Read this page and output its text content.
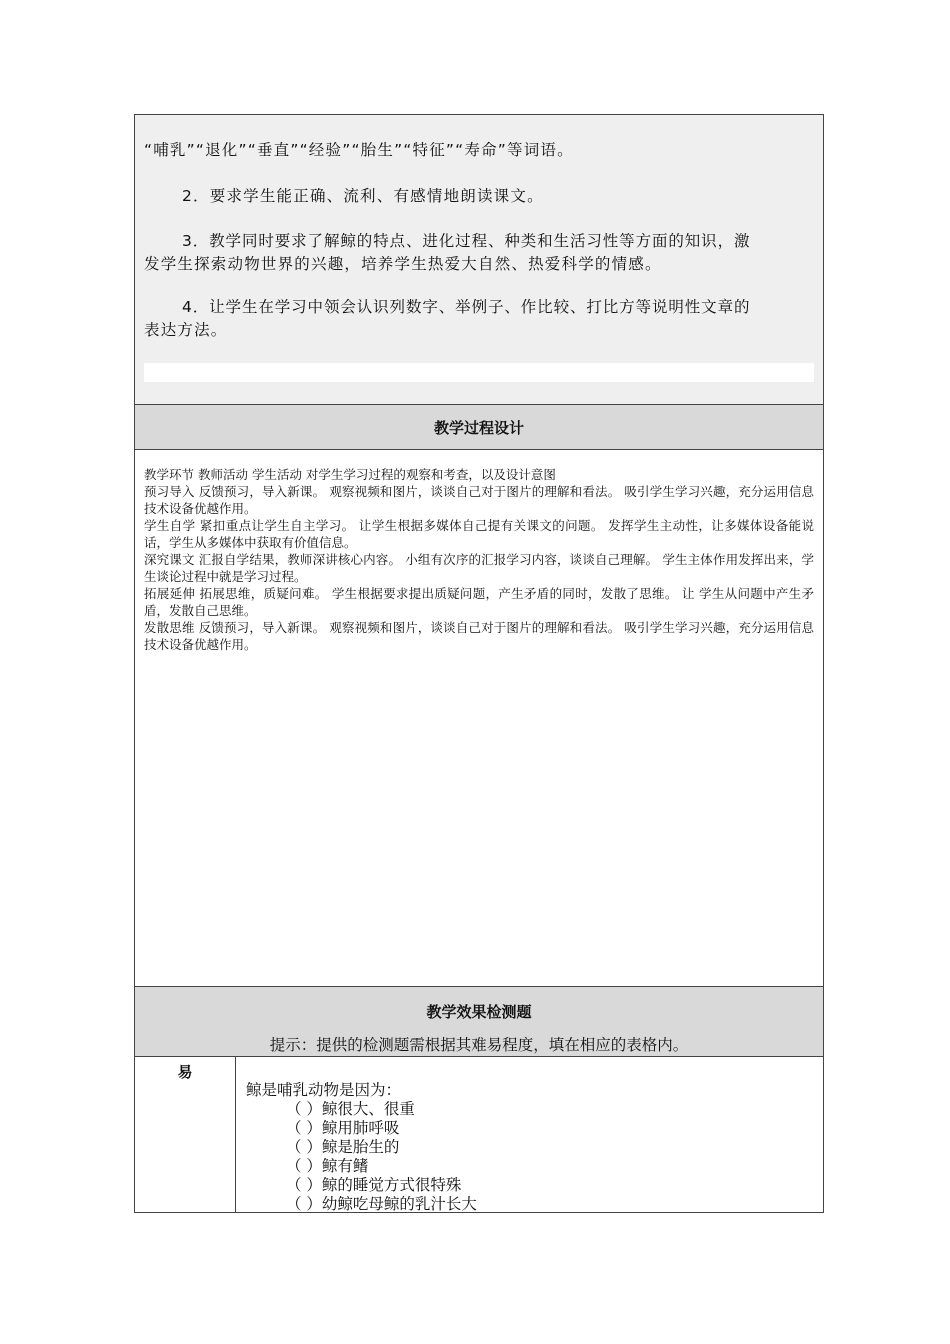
“哺乳”“退化”“垂直”“经验”“胎生”“特征”“寿命”等词语。
2．要求学生能正确、流利、有感情地朗读课文。
3．教学同时要求了解鲸的特点、进化过程、种类和生活习性等方面的知识，激
发学生探索动物世界的兴趣，培养学生热爱大自然、热爱科学的情感。
4．让学生在学习中领会认识列数字、举例子、作比较、打比方等说明性文章的
表达方法。
教学过程设计

教学环节 教师活动 学生活动 对学生学习过程的观察和考查，以及设计意图

预习导入 反馈预习，导入新课。 观察视频和图片，谈谈自己对于图片的理解和看法。 吸引学生学习兴趣，充分运用信息技术设备优越作用。

学生自学 紧扣重点让学生自主学习。 让学生根据多媒体自己提有关课文的问题。 发挥学生主动性，让多媒体设备能说话，学生从多媒体中获取有价值信息。

深究课文 汇报自学结果，教师深讲核心内容。 小组有次序的汇报学习内容，谈谈自己理解。 学生主体作用发挥出来，学生谈论过程中就是学习过程。

拓展延伸 拓展思维，质疑问难。 学生根据要求提出质疑问题，产生矛盾的同时，发散了思维。 让 学生从问题中产生矛盾，发散自己思维。

发散思维 反馈预习，导入新课。 观察视频和图片，谈谈自己对于图片的理解和看法。 吸引学生学习兴趣，充分运用信息技术设备优越作用。

教学效果检测题
提示：提供的检测题需根据其难易程度，填在相应的表格内。
易
鲸是哺乳动物是因为：
（ ）鲸很大、很重
（ ）鲸用肺呼吸
（ ）鲸是胎生的
（ ）鲸有鳍
（ ）鲸的睡觉方式很特殊
（ ）幼鲸吃母鲸的乳汁长大
